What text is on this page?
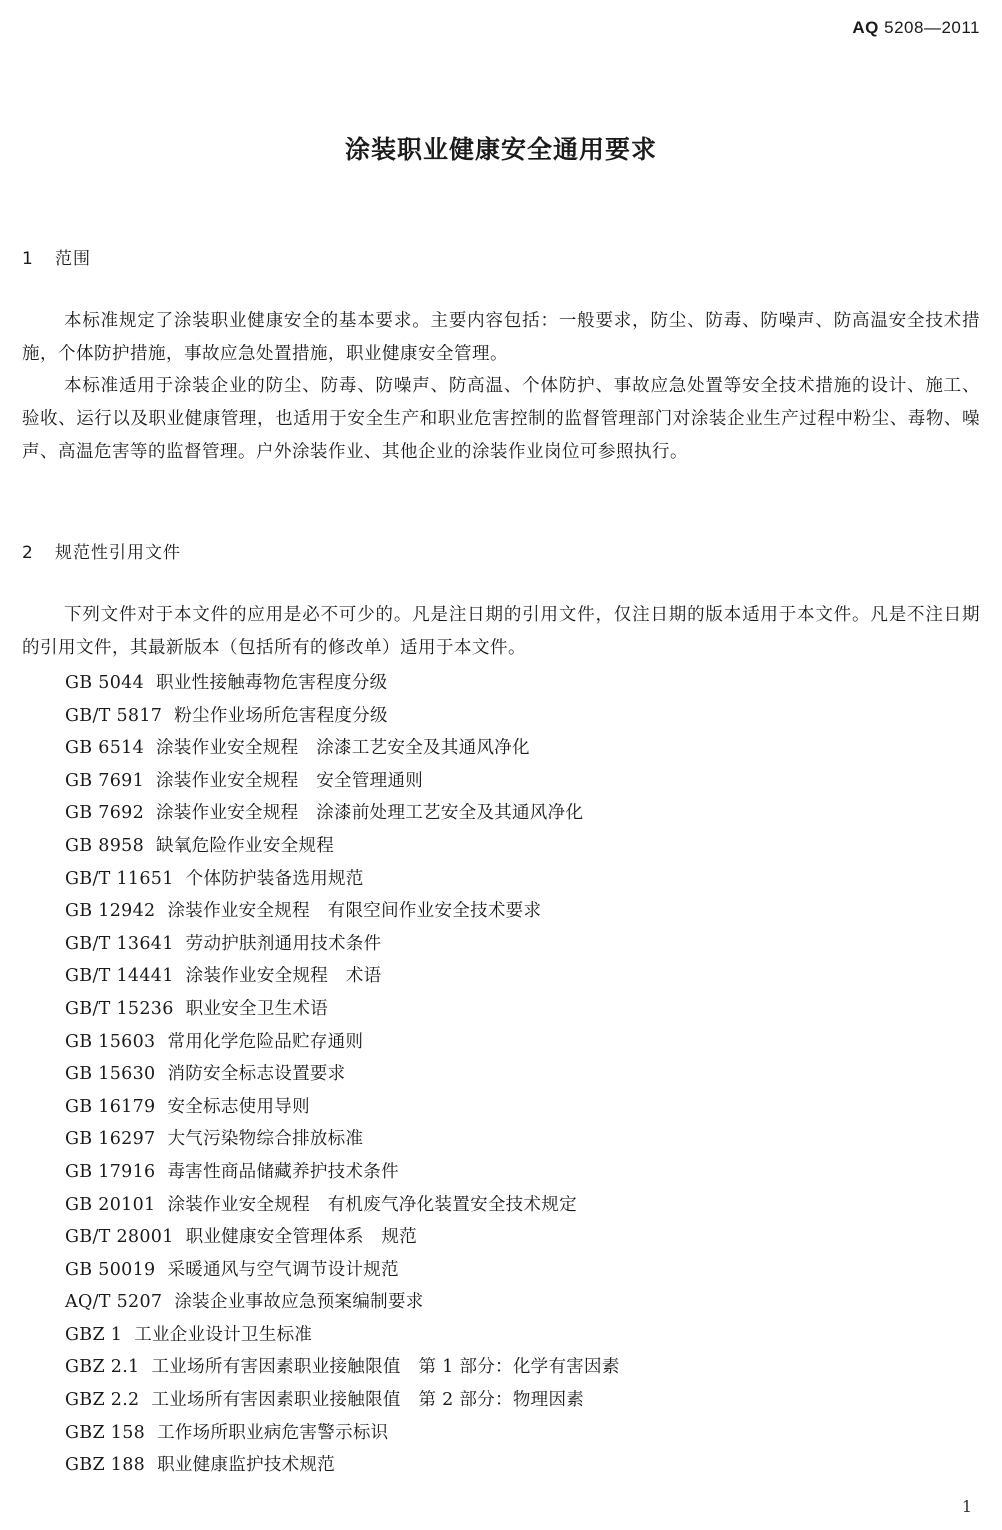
AQ 5208—2011
涂装职业健康安全通用要求
1 范围

本标准规定了涂装职业健康安全的基本要求。主要内容包括：一般要求，防尘、防毒、防噪声、防高温安全技术措施，个体防护措施，事故应急处置措施，职业健康安全管理。

本标准适用于涂装企业的防尘、防毒、防噪声、防高温、个体防护、事故应急处置等安全技术措施的设计、施工、验收、运行以及职业健康管理，也适用于安全生产和职业危害控制的监督管理部门对涂装企业生产过程中粉尘、毒物、噪声、高温危害等的监督管理。户外涂装作业、其他企业的涂装作业岗位可参照执行。

2 规范性引用文件

下列文件对于本文件的应用是必不可少的。凡是注日期的引用文件，仅注日期的版本适用于本文件。凡是不注日期的引用文件，其最新版本（包括所有的修改单）适用于本文件。

GB 5044 职业性接触毒物危害程度分级
GB/T 5817 粉尘作业场所危害程度分级
GB 6514 涂装作业安全规程　涂漆工艺安全及其通风净化
GB 7691 涂装作业安全规程　安全管理通则
GB 7692 涂装作业安全规程　涂漆前处理工艺安全及其通风净化
GB 8958 缺氧危险作业安全规程
GB/T 11651 个体防护装备选用规范
GB 12942 涂装作业安全规程　有限空间作业安全技术要求
GB/T 13641 劳动护肤剂通用技术条件
GB/T 14441 涂装作业安全规程　术语
GB/T 15236 职业安全卫生术语
GB 15603 常用化学危险品贮存通则
GB 15630 消防安全标志设置要求
GB 16179 安全标志使用导则
GB 16297 大气污染物综合排放标准
GB 17916 毒害性商品储藏养护技术条件
GB 20101 涂装作业安全规程　有机废气净化装置安全技术规定
GB/T 28001 职业健康安全管理体系　规范
GB 50019 采暖通风与空气调节设计规范
AQ/T 5207 涂装企业事故应急预案编制要求
GBZ 1 工业企业设计卫生标准
GBZ 2.1 工业场所有害因素职业接触限值　第 1 部分：化学有害因素
GBZ 2.2 工业场所有害因素职业接触限值　第 2 部分：物理因素
GBZ 158 工作场所职业病危害警示标识
GBZ 188 职业健康监护技术规范
1
